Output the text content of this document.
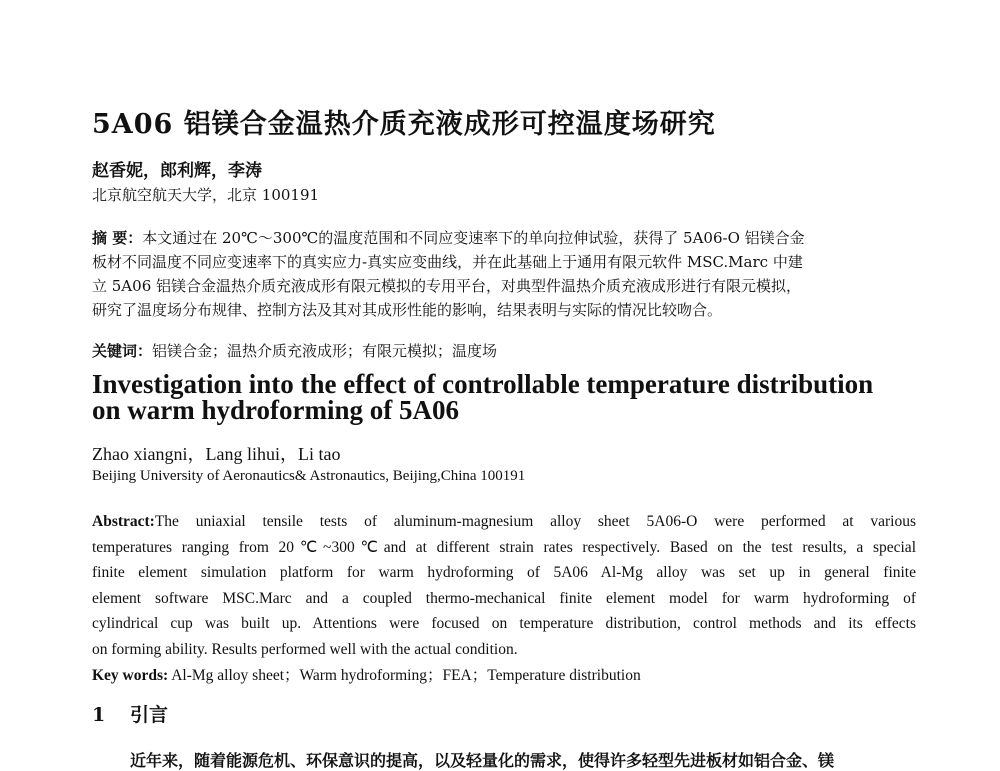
5A06 铝镁合金温热介质充液成形可控温度场研究
赵香妮，郎利辉，李涛
北京航空航天大学，北京 100191
摘 要：本文通过在 20℃～300℃的温度范围和不同应变速率下的单向拉伸试验，获得了 5A06-O 铝镁合金
板材不同温度不同应变速率下的真实应力-真实应变曲线，并在此基础上于通用有限元软件 MSC.Marc 中建
立 5A06 铝镁合金温热介质充液成形有限元模拟的专用平台，对典型件温热介质充液成形进行有限元模拟，
研究了温度场分布规律、控制方法及其对其成形性能的影响，结果表明与实际的情况比较吻合。
关键词：铝镁合金；温热介质充液成形；有限元模拟；温度场
Investigation into the effect of controllable temperature distribution
on warm hydroforming of 5A06
Zhao xiangni，Lang lihui，Li tao
Beijing University of Aeronautics& Astronautics, Beijing,China 100191
Abstract:The uniaxial tensile tests of aluminum-magnesium alloy sheet 5A06-O were performed at various
temperatures ranging from 20℃~300℃and at different strain rates respectively. Based on the test results, a special
finite element simulation platform for warm hydroforming of 5A06 Al-Mg alloy was set up in general finite
element software MSC.Marc and a coupled thermo-mechanical finite element model for warm hydroforming of
cylindrical cup was built up. Attentions were focused on temperature distribution, control methods and its effects
on forming ability. Results performed well with the actual condition.
Key words: Al-Mg alloy sheet；Warm hydroforming；FEA；Temperature distribution
1 引言
近年来，随着能源危机、环保意识的提高，以及轻量化的需求，使得许多轻型先进板材如铝合金、镁
